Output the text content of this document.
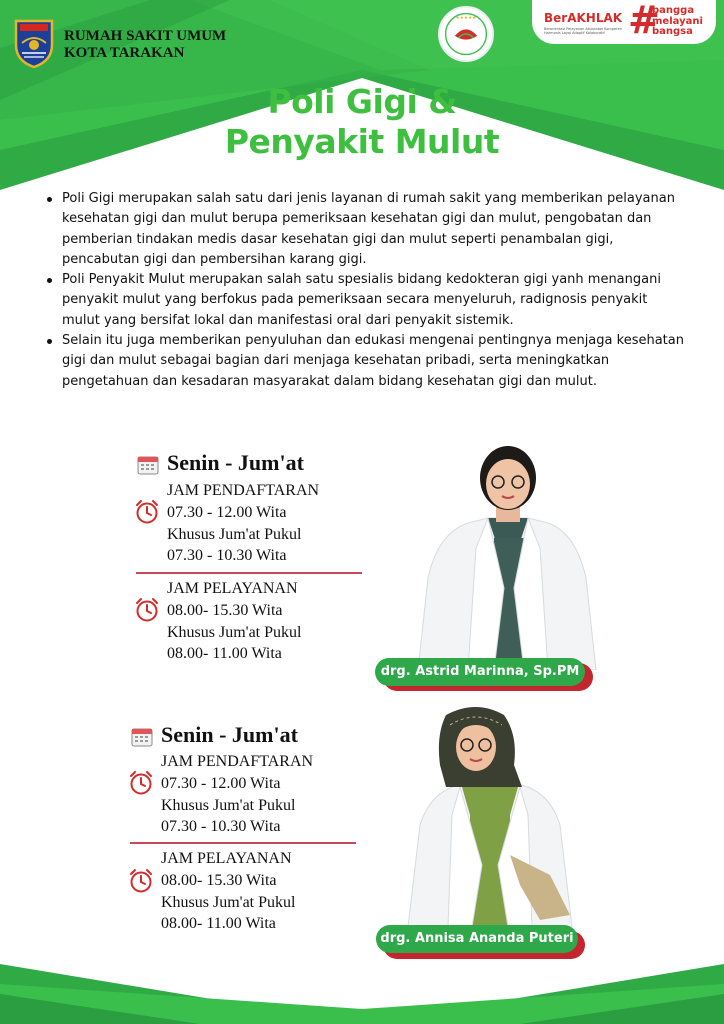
RUMAH SAKIT UMUM
KOTA TARAKAN
★★★★★	BerAKHLAK
Berorientasi Pelayanan Akuntabel Kompeten Harmonis Loyal Adaptif Kolaboratif #
bangga
melayani
bangsa
Poli Gigi &
Penyakit Mulut
Poli Gigi merupakan salah satu dari jenis layanan di rumah sakit yang memberikan pelayanan kesehatan gigi dan mulut berupa pemeriksaan kesehatan gigi dan mulut, pengobatan dan pemberian tindakan medis dasar kesehatan gigi dan mulut seperti penambalan gigi, pencabutan gigi dan pembersihan karang gigi.
Poli Penyakit Mulut merupakan salah satu spesialis bidang kedokteran gigi yanh menangani penyakit mulut yang berfokus pada pemeriksaan secara menyeluruh, radignosis penyakit mulut yang bersifat lokal dan manifestasi oral dari penyakit sistemik.
Selain itu juga memberikan penyuluhan dan edukasi mengenai pentingnya menjaga kesehatan gigi dan mulut sebagai bagian dari menjaga kesehatan pribadi, serta meningkatkan pengetahuan dan kesadaran masyarakat dalam bidang kesehatan gigi dan mulut.
Senin - Jum'at
JAM PENDAFTARAN
07.30 - 12.00 Wita
Khusus Jum'at Pukul
07.30 - 10.30 Wita
JAM PELAYANAN
08.00- 15.30 Wita
Khusus Jum'at Pukul
08.00- 11.00 Wita
drg. Astrid Marinna, Sp.PM
Senin - Jum'at
JAM PENDAFTARAN
07.30 - 12.00 Wita
Khusus Jum'at Pukul
07.30 - 10.30 Wita
JAM PELAYANAN
08.00- 15.30 Wita
Khusus Jum'at Pukul
08.00- 11.00 Wita
drg. Annisa Ananda Puteri
